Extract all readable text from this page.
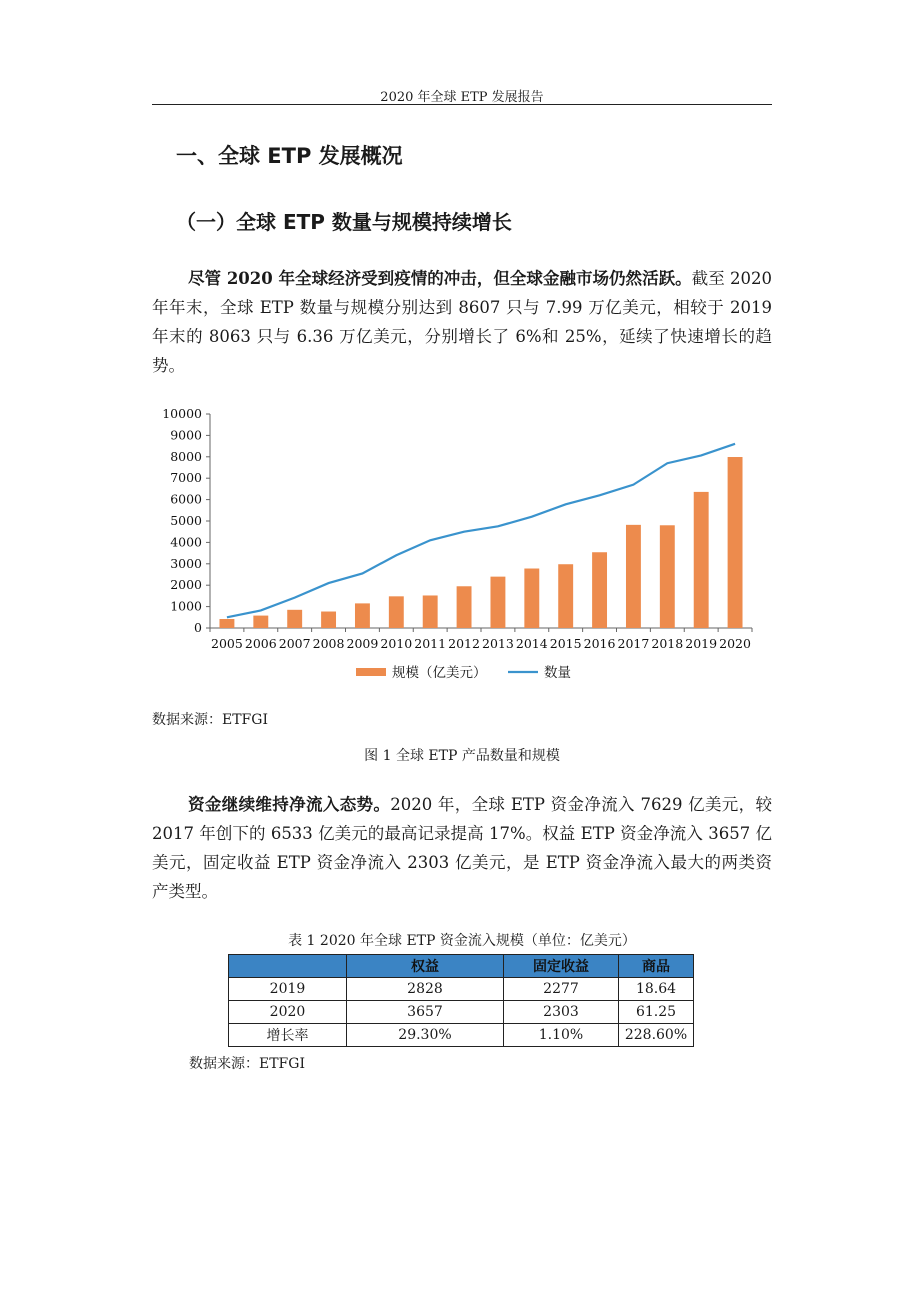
2020 年全球 ETP 发展报告
一、全球 ETP 发展概况
（一）全球 ETP 数量与规模持续增长
尽管 2020 年全球经济受到疫情的冲击，但全球金融市场仍然活跃。截至 2020 年年末，全球 ETP 数量与规模分别达到 8607 只与 7.99 万亿美元，相较于 2019 年末的 8063 只与 6.36 万亿美元，分别增长了 6%和 25%，延续了快速增长的趋势。
0
1000
2000
3000
4000
5000
6000
7000
8000
9000
10000
2005 2006 2007 2008 2009 2010 2011 2012 2013 2014 2015 2016 2017 2018 2019 2020
规模（亿美元）	数量
数据来源：ETFGI
图 1 全球 ETP 产品数量和规模
资金继续维持净流入态势。2020 年，全球 ETP 资金净流入 7629 亿美元，较 2017 年创下的 6533 亿美元的最高记录提高 17%。权益 ETP 资金净流入 3657 亿美元，固定收益 ETP 资金净流入 2303 亿美元，是 ETP 资金净流入最大的两类资产类型。
表 1 2020 年全球 ETP 资金流入规模（单位：亿美元）
	权益	固定收益	商品
2019	2828	2277	18.64
2020	3657	2303	61.25
增长率	29.30%	1.10%	228.60%
数据来源：ETFGI
